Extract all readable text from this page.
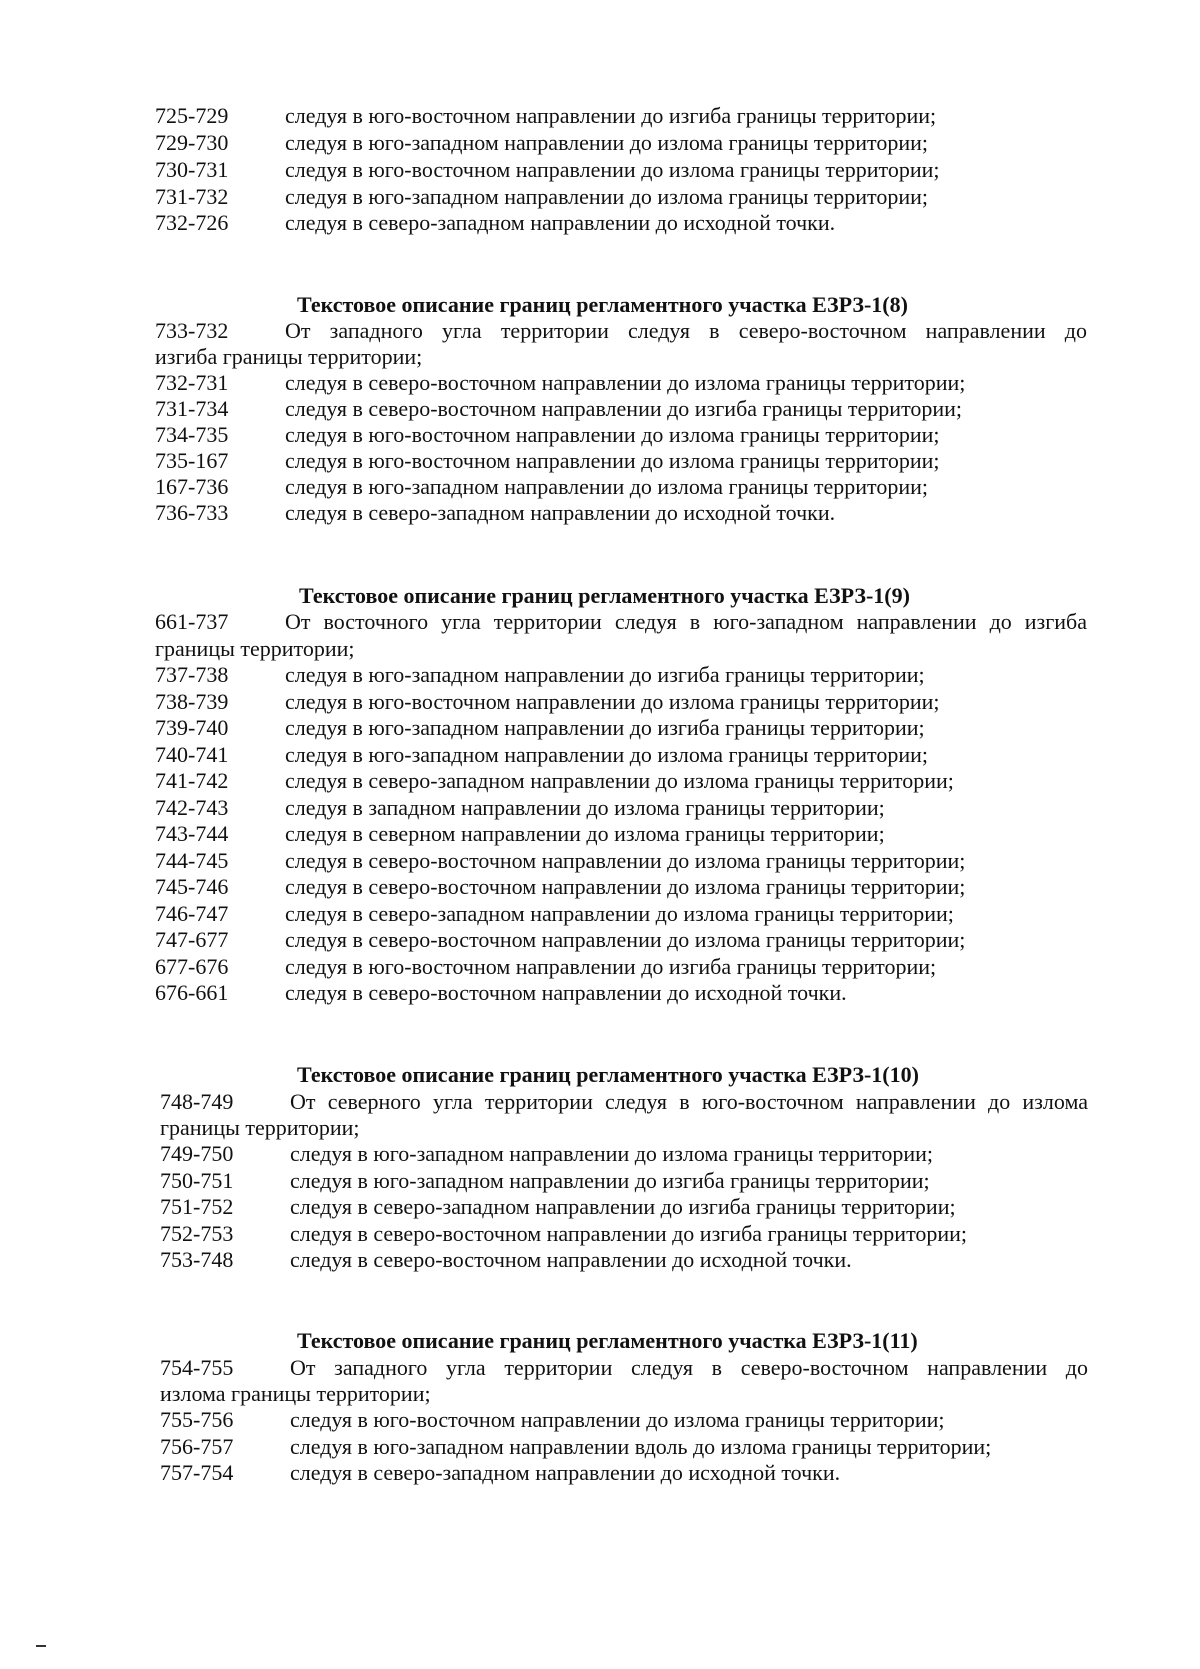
725-729	следуя в юго-восточном направлении до изгиба границы территории;
729-730	следуя в юго-западном направлении до излома границы территории;
730-731	следуя в юго-восточном направлении до излома границы территории;
731-732	следуя в юго-западном направлении до излома границы территории;
732-726	следуя в северо-западном направлении до исходной точки.
Текстовое описание границ регламентного участка ЕЗРЗ-1(8)
733-732	От западного угла территории следуя в северо-восточном направлении до
изгиба границы территории;
732-731	следуя в северо-восточном направлении до излома границы территории;
731-734	следуя в северо-восточном направлении до изгиба границы территории;
734-735	следуя в юго-восточном направлении до излома границы территории;
735-167	следуя в юго-восточном направлении до излома границы территории;
167-736	следуя в юго-западном направлении до излома границы территории;
736-733	следуя в северо-западном направлении до исходной точки.
Текстовое описание границ регламентного участка ЕЗРЗ-1(9)
661-737	От восточного угла территории следуя в юго-западном направлении до изгиба
границы территории;
737-738	следуя в юго-западном направлении до изгиба границы территории;
738-739	следуя в юго-восточном направлении до излома границы территории;
739-740	следуя в юго-западном направлении до изгиба границы территории;
740-741	следуя в юго-западном направлении до излома границы территории;
741-742	следуя в северо-западном направлении до излома границы территории;
742-743	следуя в западном направлении до излома границы территории;
743-744	следуя в северном направлении до излома границы территории;
744-745	следуя в северо-восточном направлении до излома границы территории;
745-746	следуя в северо-восточном направлении до излома границы территории;
746-747	следуя в северо-западном направлении до излома границы территории;
747-677	следуя в северо-восточном направлении до излома границы территории;
677-676	следуя в юго-восточном направлении до изгиба границы территории;
676-661	следуя в северо-восточном направлении до исходной точки.
Текстовое описание границ регламентного участка ЕЗРЗ-1(10)
748-749	От северного угла территории следуя в юго-восточном направлении до излома
границы территории;
749-750	следуя в юго-западном направлении до излома границы территории;
750-751	следуя в юго-западном направлении до изгиба границы территории;
751-752	следуя в северо-западном направлении до изгиба границы территории;
752-753	следуя в северо-восточном направлении до изгиба границы территории;
753-748	следуя в северо-восточном направлении до исходной точки.
Текстовое описание границ регламентного участка ЕЗРЗ-1(11)
754-755	От западного угла территории следуя в северо-восточном направлении до
излома границы территории;
755-756	следуя в юго-восточном направлении до излома границы территории;
756-757	следуя в юго-западном направлении вдоль до излома границы территории;
757-754	следуя в северо-западном направлении до исходной точки.
